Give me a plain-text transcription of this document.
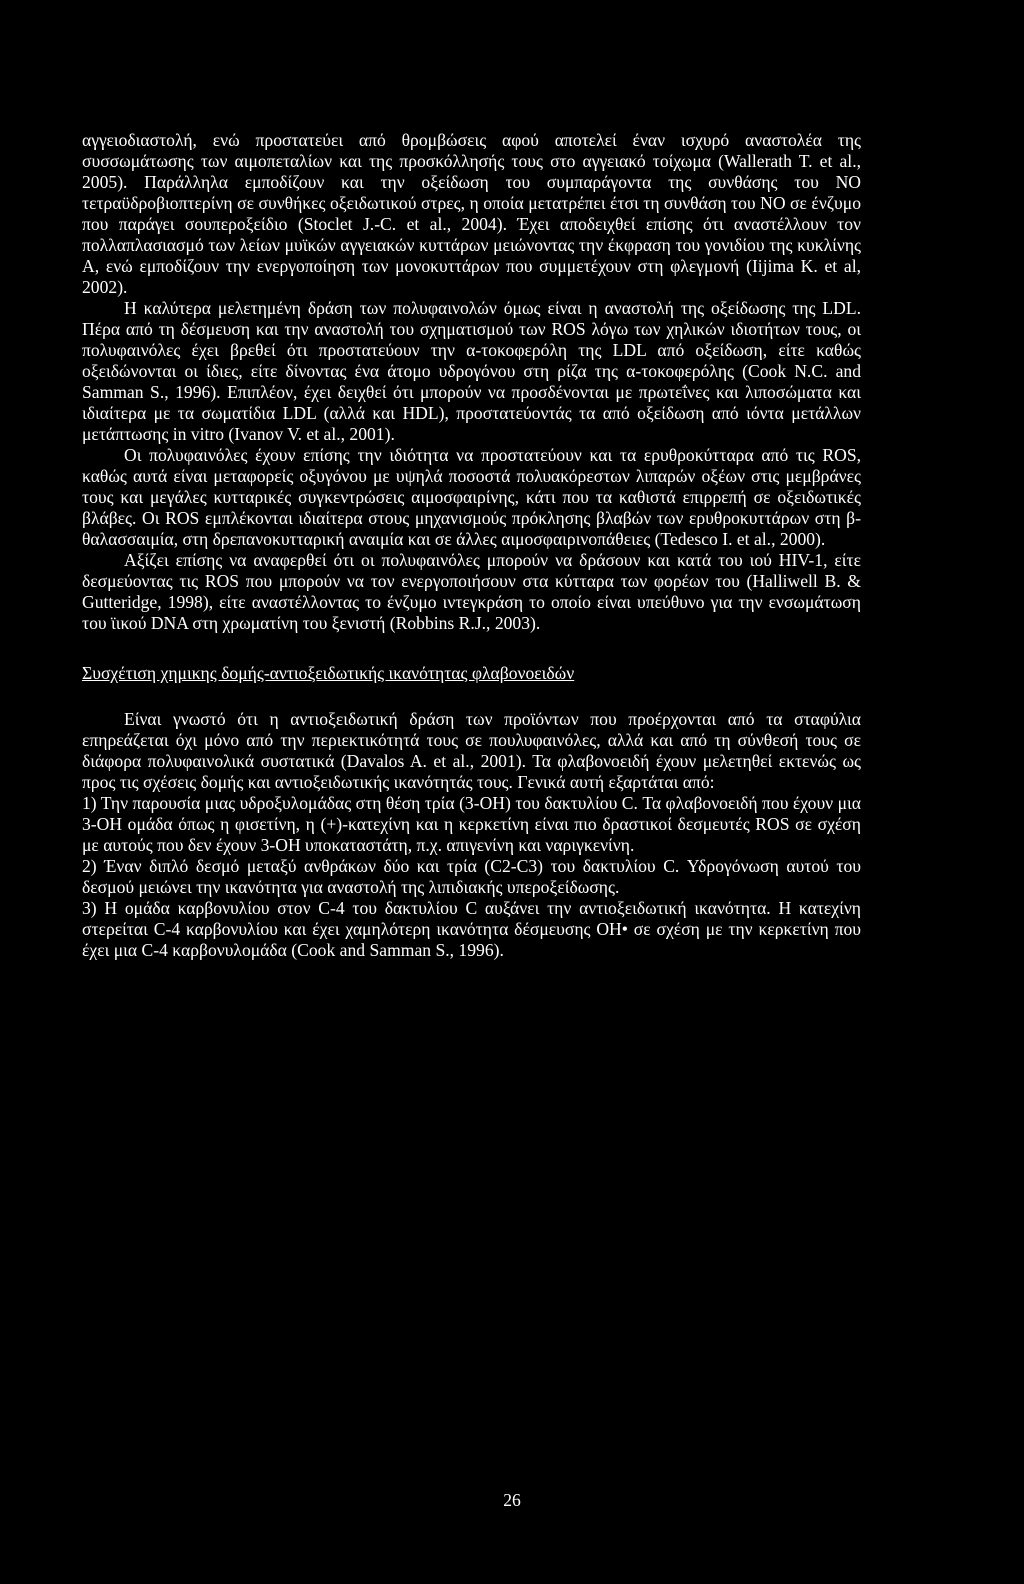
αγγειοδιαστολή, ενώ προστατεύει από θρομβώσεις αφού αποτελεί έναν ισχυρό αναστολέα της συσσωμάτωσης των αιμοπεταλίων και της προσκόλλησής τους στο αγγειακό τοίχωμα (Wallerath T. et al., 2005). Παράλληλα εμποδίζουν και την οξείδωση του συμπαράγοντα της συνθάσης του NO τετραϋδροβιοπτερίνη σε συνθήκες οξειδωτικού στρες, η οποία μετατρέπει έτσι τη συνθάση του NO σε ένζυμο που παράγει σουπεροξείδιο (Stoclet J.-C. et al., 2004). Έχει αποδειχθεί επίσης ότι αναστέλλουν τον πολλαπλασιασμό των λείων μυϊκών αγγειακών κυττάρων μειώνοντας την έκφραση του γονιδίου της κυκλίνης A, ενώ εμποδίζουν την ενεργοποίηση των μονοκυττάρων που συμμετέχουν στη φλεγμονή (Iijima K. et al, 2002).

Η καλύτερα μελετημένη δράση των πολυφαινολών όμως είναι η αναστολή της οξείδωσης της LDL. Πέρα από τη δέσμευση και την αναστολή του σχηματισμού των ROS λόγω των χηλικών ιδιοτήτων τους, οι πολυφαινόλες έχει βρεθεί ότι προστατεύουν την α-τοκοφερόλη της LDL από οξείδωση, είτε καθώς οξειδώνονται οι ίδιες, είτε δίνοντας ένα άτομο υδρογόνου στη ρίζα της α-τοκοφερόλης (Cook N.C. and Samman S., 1996). Επιπλέον, έχει δειχθεί ότι μπορούν να προσδένονται με πρωτεΐνες και λιποσώματα και ιδιαίτερα με τα σωματίδια LDL (αλλά και HDL), προστατεύοντάς τα από οξείδωση από ιόντα μετάλλων μετάπτωσης in vitro (Ivanov V. et al., 2001).

Οι πολυφαινόλες έχουν επίσης την ιδιότητα να προστατεύουν και τα ερυθροκύτταρα από τις ROS, καθώς αυτά είναι μεταφορείς οξυγόνου με υψηλά ποσοστά πολυακόρεστων λιπαρών οξέων στις μεμβράνες τους και μεγάλες κυτταρικές συγκεντρώσεις αιμοσφαιρίνης, κάτι που τα καθιστά επιρρεπή σε οξειδωτικές βλάβες. Οι ROS εμπλέκονται ιδιαίτερα στους μηχανισμούς πρόκλησης βλαβών των ερυθροκυττάρων στη β-θαλασσαιμία, στη δρεπανοκυτταρική αναιμία και σε άλλες αιμοσφαιρινοπάθειες (Tedesco I. et al., 2000).

Αξίζει επίσης να αναφερθεί ότι οι πολυφαινόλες μπορούν να δράσουν και κατά του ιού HIV-1, είτε δεσμεύοντας τις ROS που μπορούν να τον ενεργοποιήσουν στα κύτταρα των φορέων του (Halliwell B. & Gutteridge, 1998), είτε αναστέλλοντας το ένζυμο ιντεγκράση το οποίο είναι υπεύθυνο για την ενσωμάτωση του ϊικού DNA στη χρωματίνη του ξενιστή (Robbins R.J., 2003).

Συσχέτιση χημικης δομής-αντιοξειδωτικής ικανότητας φλαβονοειδών

Είναι γνωστό ότι η αντιοξειδωτική δράση των προϊόντων που προέρχονται από τα σταφύλια επηρεάζεται όχι μόνο από την περιεκτικότητά τους σε πουλυφαινόλες, αλλά και από τη σύνθεσή τους σε διάφορα πολυφαινολικά συστατικά (Davalos A. et al., 2001). Τα φλαβονοειδή έχουν μελετηθεί εκτενώς ως προς τις σχέσεις δομής και αντιοξειδωτικής ικανότητάς τους. Γενικά αυτή εξαρτάται από:

1) Την παρουσία μιας υδροξυλομάδας στη θέση τρία (3-OH) του δακτυλίου C. Τα φλαβονοειδή που έχουν μια 3-OH ομάδα όπως η φισετίνη, η (+)-κατεχίνη και η κερκετίνη είναι πιο δραστικοί δεσμευτές ROS σε σχέση με αυτούς που δεν έχουν 3-OH υποκαταστάτη, π.χ. απιγενίνη και ναριγκενίνη.

2) Έναν διπλό δεσμό μεταξύ ανθράκων δύο και τρία (C2-C3) του δακτυλίου C. Υδρογόνωση αυτού του δεσμού μειώνει την ικανότητα για αναστολή της λιπιδιακής υπεροξείδωσης.

3) Η ομάδα καρβονυλίου στον C-4 του δακτυλίου C αυξάνει την αντιοξειδωτική ικανότητα. Η κατεχίνη στερείται C-4 καρβονυλίου και έχει χαμηλότερη ικανότητα δέσμευσης OH• σε σχέση με την κερκετίνη που έχει μια C-4 καρβονυλομάδα (Cook and Samman S., 1996).

26
